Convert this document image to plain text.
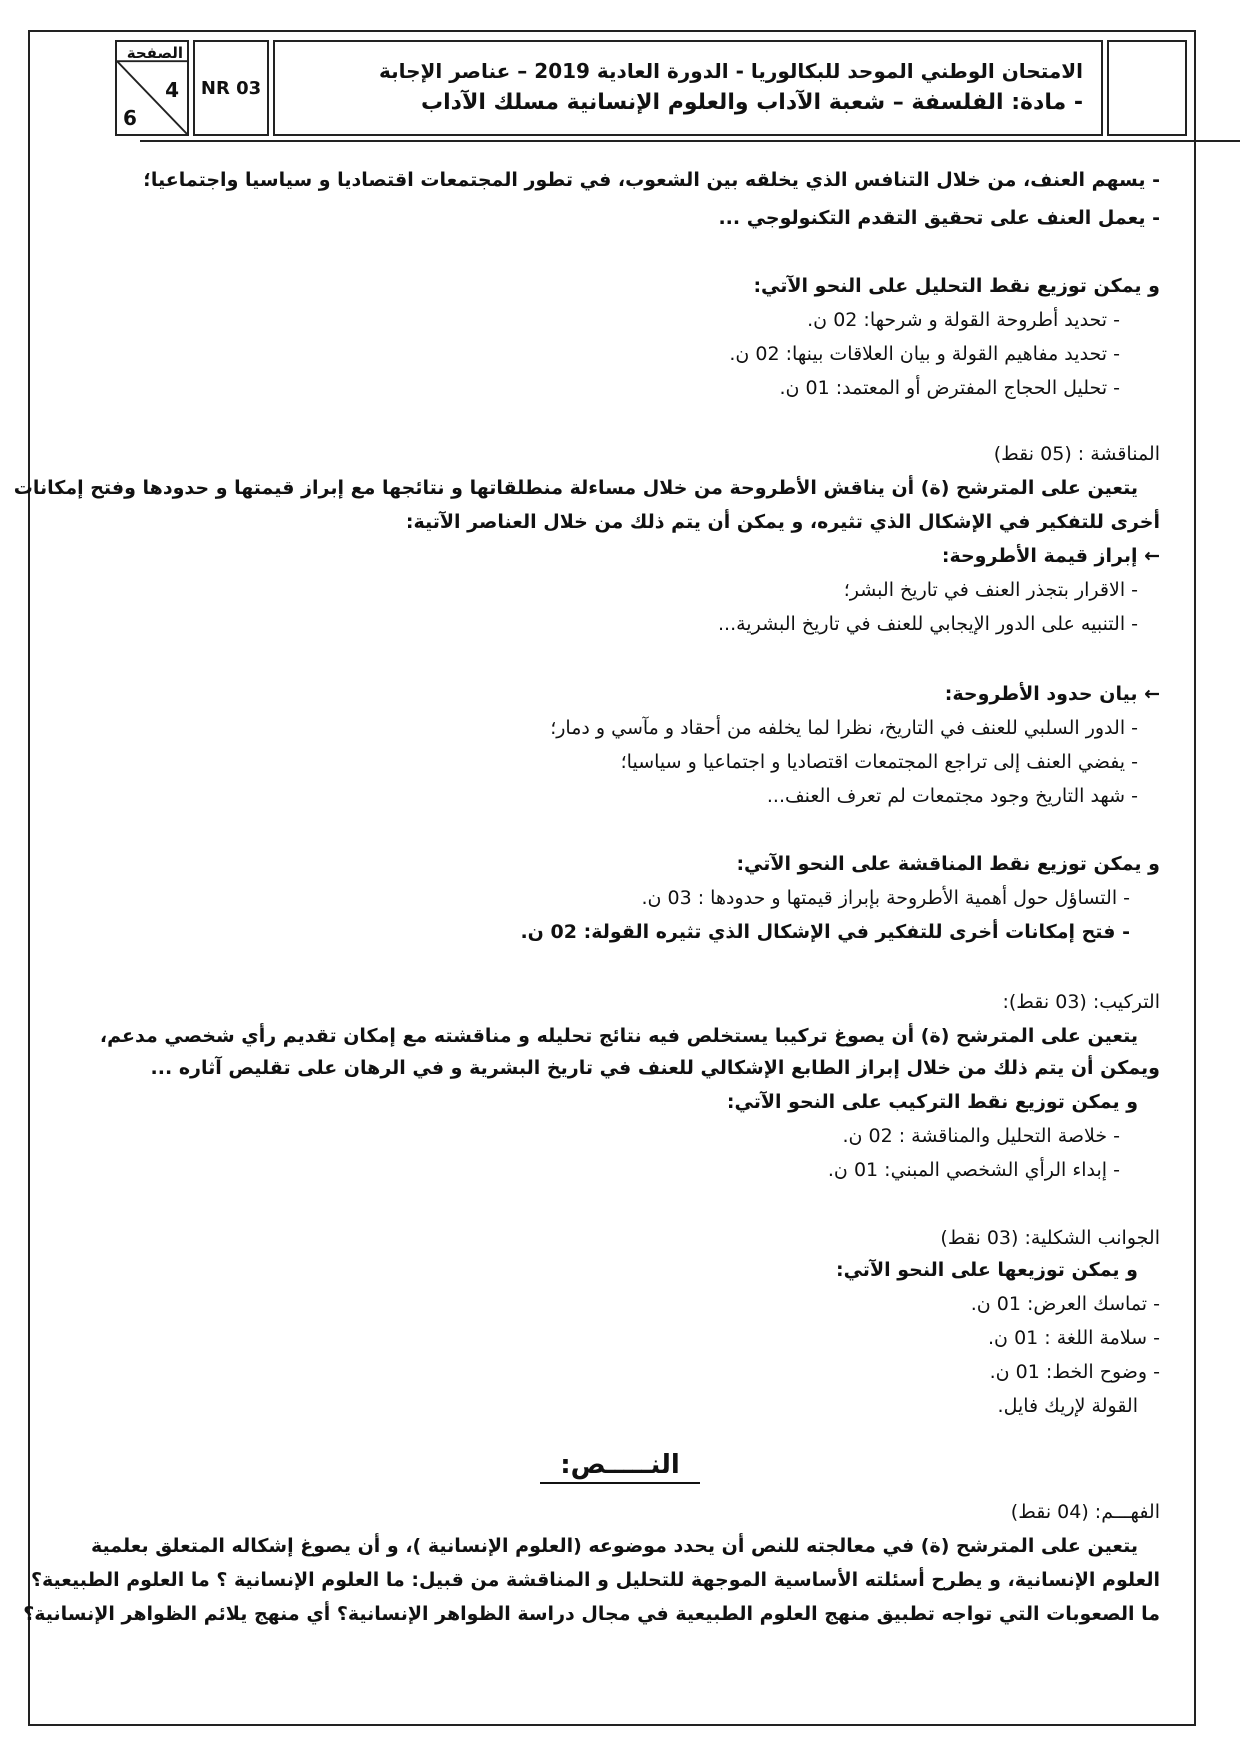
الصفحة
4
6
NR 03
الامتحان الوطني الموحد للبكالوريا - الدورة العادية 2019 – عناصر الإجابة
- مادة: الفلسفة – شعبة الآداب والعلوم الإنسانية مسلك الآداب
- يسهم العنف، من خلال التنافس الذي يخلقه بين الشعوب، في تطور المجتمعات اقتصاديا و سياسيا واجتماعيا؛
- يعمل العنف على تحقيق التقدم التكنولوجي ...
و يمكن توزيع نقط التحليل على النحو الآتي:
- تحديد أطروحة القولة و شرحها: 02 ن.
- تحديد مفاهيم القولة و بيان العلاقات بينها: 02 ن.
- تحليل الحجاج المفترض أو المعتمد: 01 ن.
المناقشة : (05 نقط)
يتعين على المترشح (ة) أن يناقش الأطروحة من خلال مساءلة منطلقاتها و نتائجها مع إبراز قيمتها و حدودها وفتح إمكانات
أخرى للتفكير في الإشكال الذي تثيره، و يمكن أن يتم ذلك من خلال العناصر الآتية:
← إبراز قيمة الأطروحة:
- الاقرار بتجذر العنف في تاريخ البشر؛
- التنبيه على الدور الإيجابي للعنف في تاريخ البشرية...
← بيان حدود الأطروحة:
- الدور السلبي للعنف في التاريخ، نظرا لما يخلفه من أحقاد و مآسي و دمار؛
- يفضي العنف إلى تراجع المجتمعات اقتصاديا و اجتماعيا و سياسيا؛
- شهد التاريخ وجود مجتمعات لم تعرف العنف...
و يمكن توزيع نقط المناقشة على النحو الآتي:
- التساؤل حول أهمية الأطروحة بإبراز قيمتها و حدودها : 03 ن.
- فتح إمكانات أخرى للتفكير في الإشكال الذي تثيره القولة: 02 ن.
التركيب: (03 نقط):
يتعين على المترشح (ة) أن يصوغ تركيبا يستخلص فيه نتائج تحليله و مناقشته مع إمكان تقديم رأي شخصي مدعم،
ويمكن أن يتم ذلك من خلال إبراز الطابع الإشكالي للعنف في تاريخ البشرية و في الرهان على تقليص آثاره ...
و يمكن توزيع نقط التركيب على النحو الآتي:
- خلاصة التحليل والمناقشة : 02 ن.
- إبداء الرأي الشخصي المبني: 01 ن.
الجوانب الشكلية: (03 نقط)
و يمكن توزيعها على النحو الآتي:
- تماسك العرض: 01 ن.
- سلامة اللغة : 01 ن.
- وضوح الخط: 01 ن.
القولة لإريك فايل.
النـــــص:
الفهـــم: (04 نقط)
يتعين على المترشح (ة) في معالجته للنص أن يحدد موضوعه (العلوم الإنسانية )، و أن يصوغ إشكاله المتعلق بعلمية
العلوم الإنسانية، و يطرح أسئلته الأساسية الموجهة للتحليل و المناقشة من قبيل: ما العلوم الإنسانية ؟ ما العلوم الطبيعية؟
ما الصعوبات التي تواجه تطبيق منهج العلوم الطبيعية في مجال دراسة الظواهر الإنسانية؟ أي منهج يلائم الظواهر الإنسانية؟
